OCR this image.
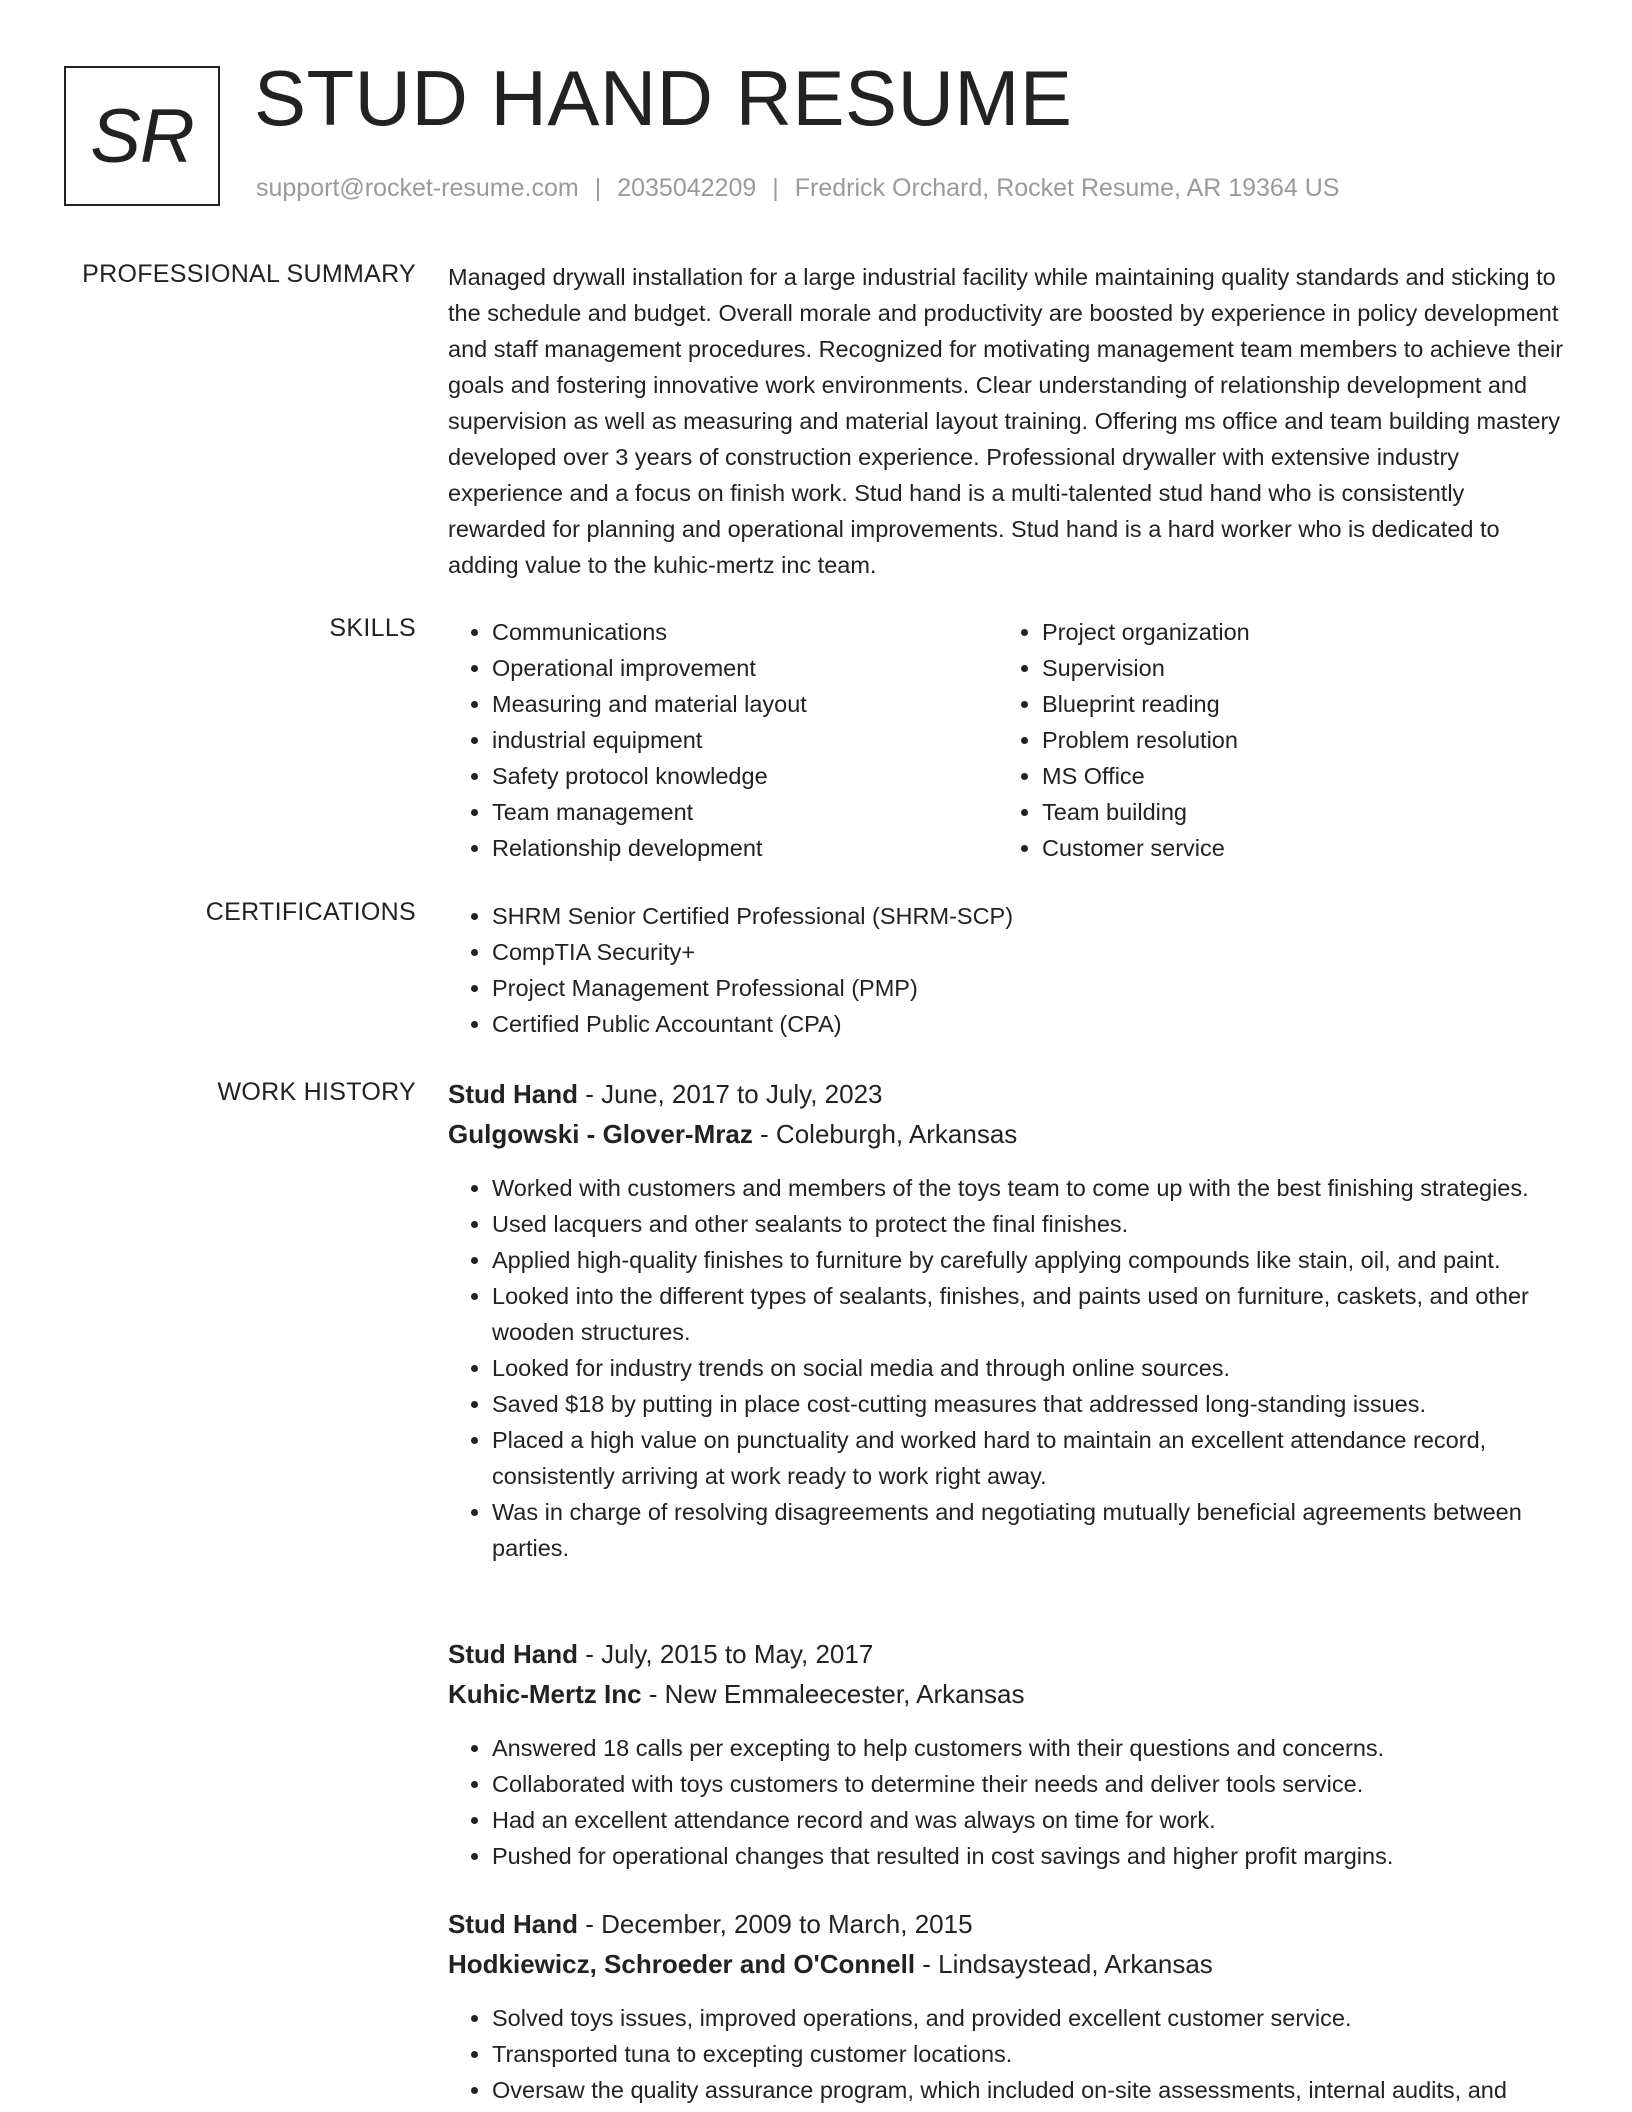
SR STUD HAND RESUME
support@rocket-resume.com | 2035042209 | Fredrick Orchard, Rocket Resume, AR 19364 US
PROFESSIONAL SUMMARY Managed drywall installation for a large industrial facility while maintaining quality standards and sticking to the schedule and budget. Overall morale and productivity are boosted by experience in policy development and staff management procedures. Recognized for motivating management team members to achieve their goals and fostering innovative work environments. Clear understanding of relationship development and supervision as well as measuring and material layout training. Offering ms office and team building mastery developed over 3 years of construction experience. Professional drywaller with extensive industry experience and a focus on finish work. Stud hand is a multi-talented stud hand who is consistently rewarded for planning and operational improvements. Stud hand is a hard worker who is dedicated to adding value to the kuhic-mertz inc team.

SKILLS	• Communications
• Operational improvement
• Measuring and material layout
• industrial equipment
• Safety protocol knowledge
• Team management
• Relationship development
• Project organization
• Supervision
• Blueprint reading
• Problem resolution
• MS Office
• Team building
• Customer service
CERTIFICATIONS	• SHRM Senior Certified Professional (SHRM-SCP)
• CompTIA Security+
• Project Management Professional (PMP)
• Certified Public Accountant (CPA)
WORK HISTORY Stud Hand - June, 2017 to July, 2023
Gulgowski - Glover-Mraz - Coleburgh, Arkansas
• Worked with customers and members of the toys team to come up with the best finishing strategies.
• Used lacquers and other sealants to protect the final finishes.
• Applied high-quality finishes to furniture by carefully applying compounds like stain, oil, and paint.
• Looked into the different types of sealants, finishes, and paints used on furniture, caskets, and other wooden structures.
• Looked for industry trends on social media and through online sources.
• Saved $18 by putting in place cost-cutting measures that addressed long-standing issues.
• Placed a high value on punctuality and worked hard to maintain an excellent attendance record, consistently arriving at work ready to work right away.
• Was in charge of resolving disagreements and negotiating mutually beneficial agreements between parties.
Stud Hand - July, 2015 to May, 2017
Kuhic-Mertz Inc - New Emmaleecester, Arkansas
• Answered 18 calls per excepting to help customers with their questions and concerns.
• Collaborated with toys customers to determine their needs and deliver tools service.
• Had an excellent attendance record and was always on time for work.
• Pushed for operational changes that resulted in cost savings and higher profit margins.
Stud Hand - December, 2009 to March, 2015
Hodkiewicz, Schroeder and O'Connell - Lindsaystead, Arkansas
• Solved toys issues, improved operations, and provided excellent customer service.
• Transported tuna to excepting customer locations.
• Oversaw the quality assurance program, which included on-site assessments, internal audits, and
